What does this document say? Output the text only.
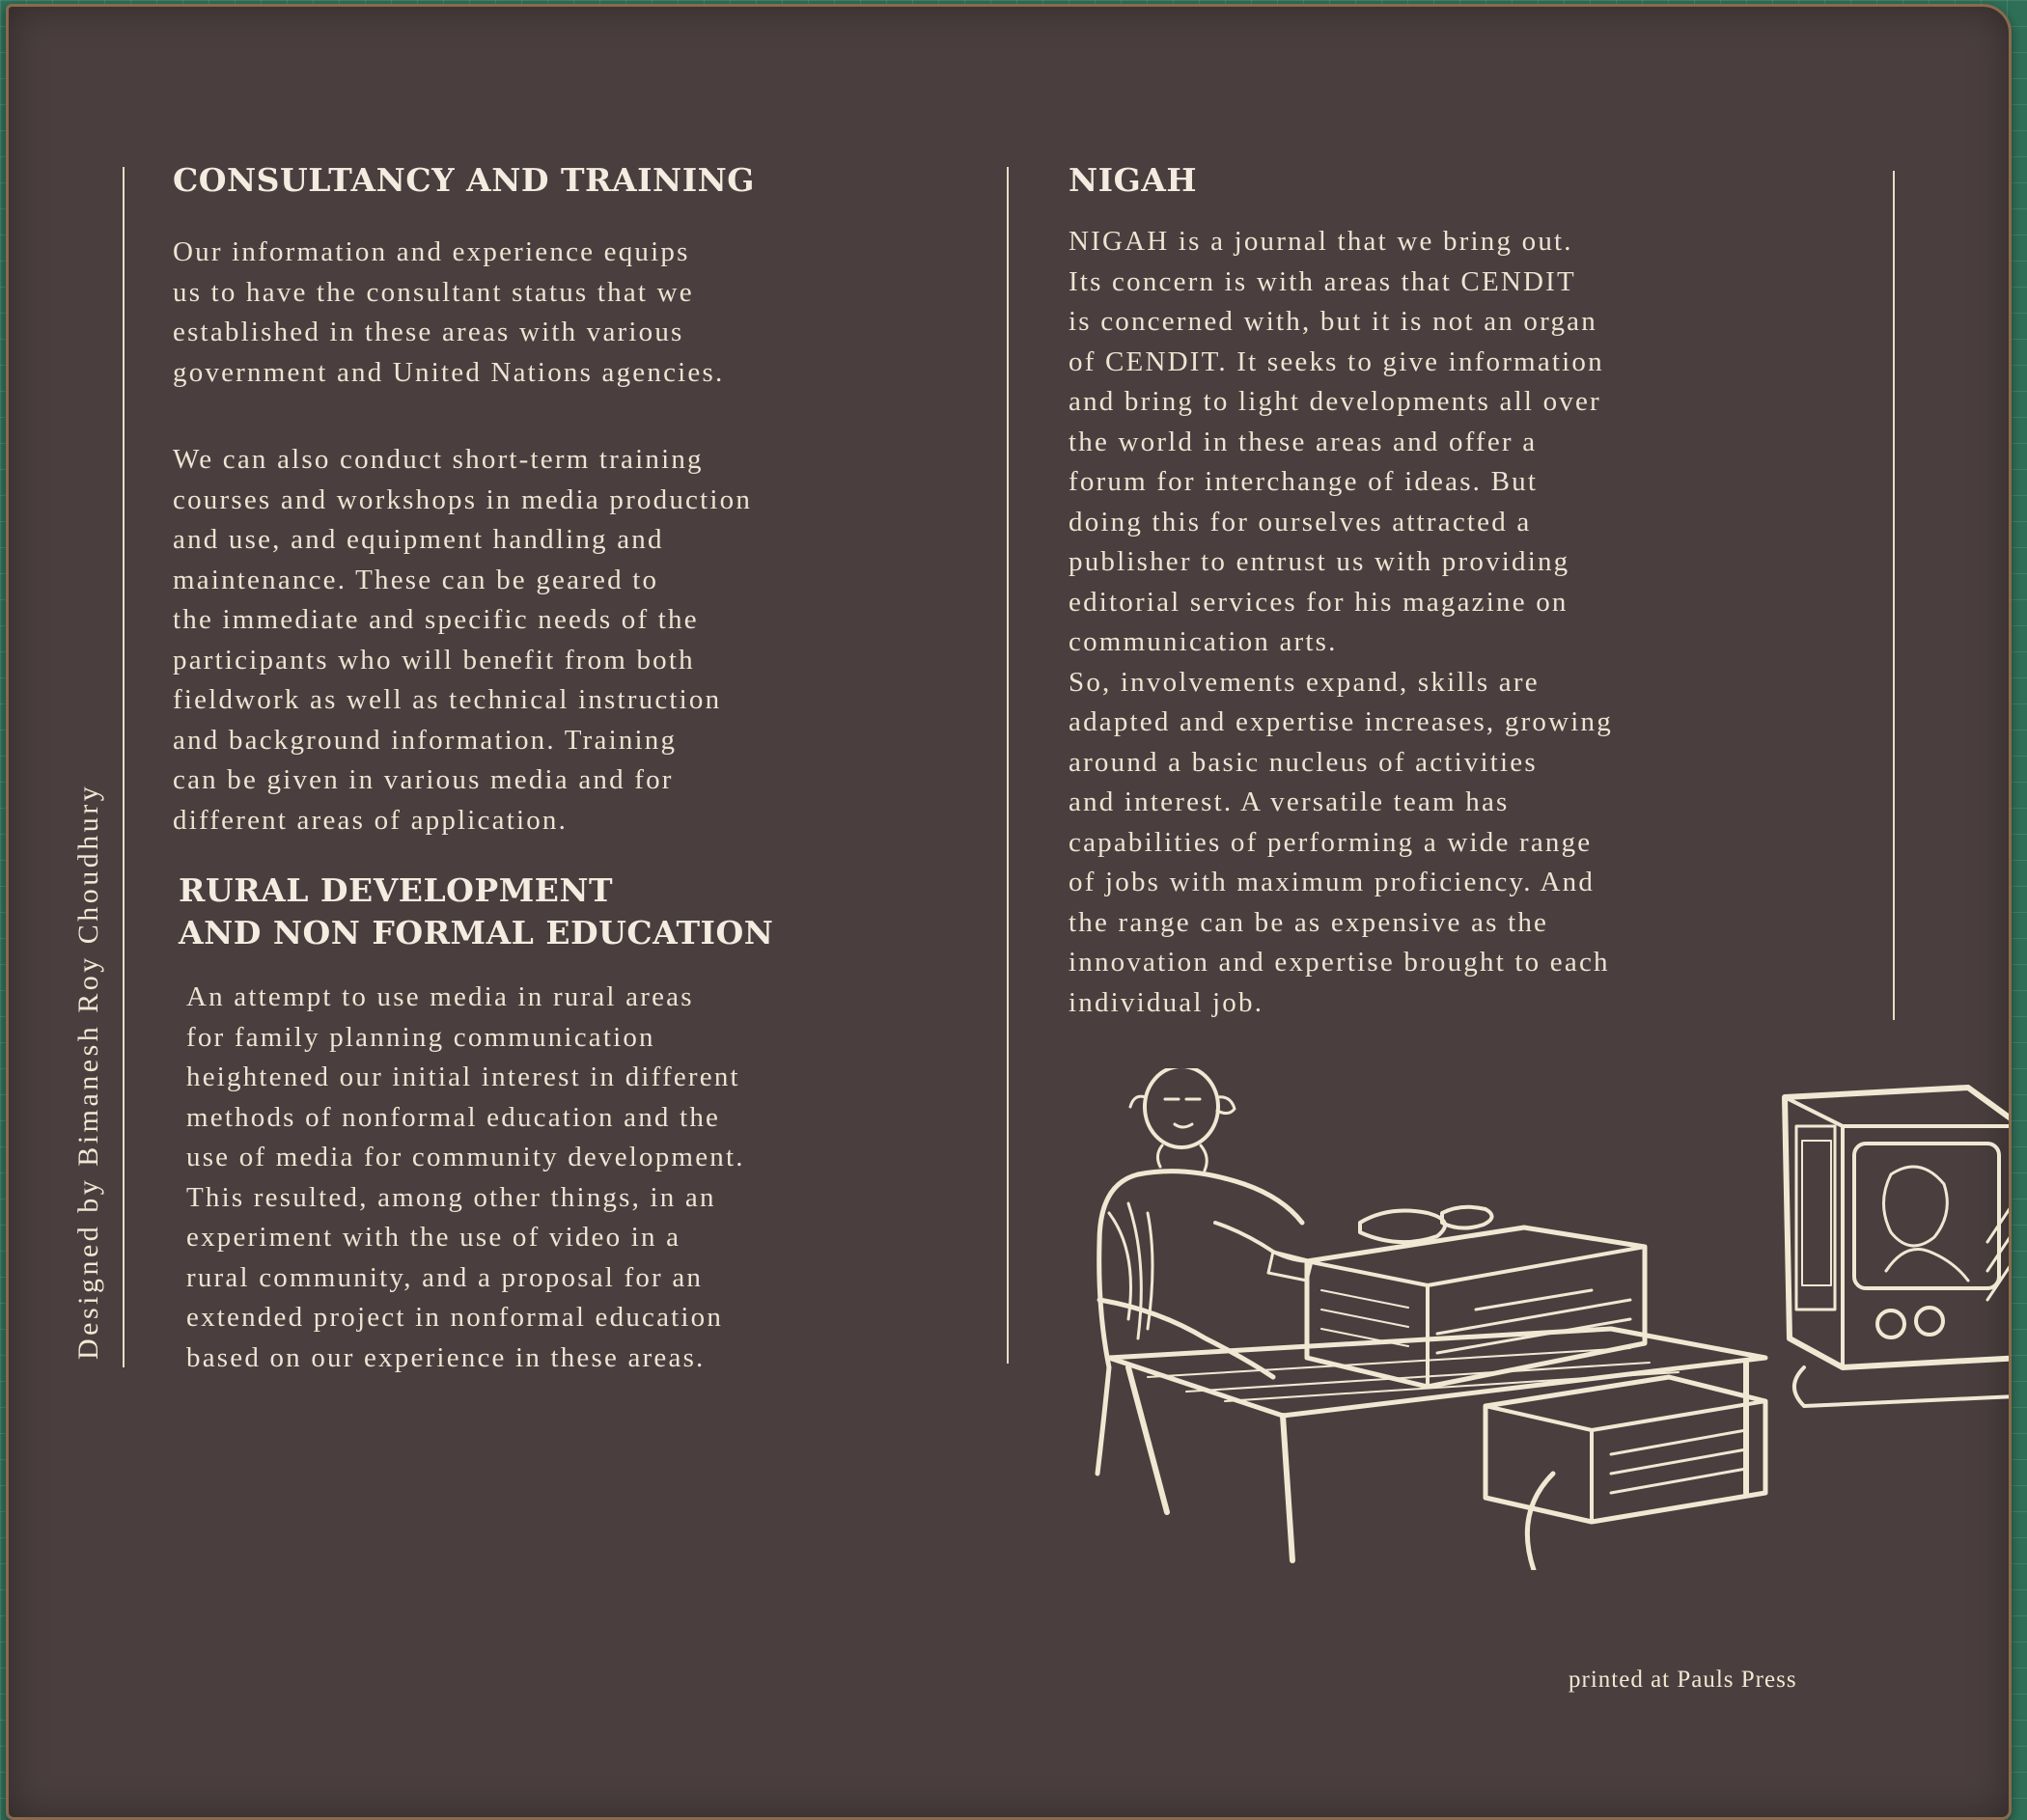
Designed by Bimanesh Roy Choudhury
CONSULTANCY AND TRAINING
Our information and experience equips
us to have the consultant status that we
established in these areas with various
government and United Nations agencies.
We can also conduct short-term training
courses and workshops in media production
and use, and equipment handling and
maintenance. These can be geared to
the immediate and specific needs of the
participants who will benefit from both
fieldwork as well as technical instruction
and background information. Training
can be given in various media and for
different areas of application.
RURAL DEVELOPMENT
AND NON FORMAL EDUCATION
An attempt to use media in rural areas
for family planning communication
heightened our initial interest in different
methods of nonformal education and the
use of media for community development.
This resulted, among other things, in an
experiment with the use of video in a
rural community, and a proposal for an
extended project in nonformal education
based on our experience in these areas.
NIGAH
NIGAH is a journal that we bring out.
Its concern is with areas that CENDIT
is concerned with, but it is not an organ
of CENDIT. It seeks to give information
and bring to light developments all over
the world in these areas and offer a
forum for interchange of ideas. But
doing this for ourselves attracted a
publisher to entrust us with providing
editorial services for his magazine on
communication arts.
So, involvements expand, skills are
adapted and expertise increases, growing
around a basic nucleus of activities
and interest. A versatile team has
capabilities of performing a wide range
of jobs with maximum proficiency. And
the range can be as expensive as the
innovation and expertise brought to each
individual job.
printed at Pauls Press
